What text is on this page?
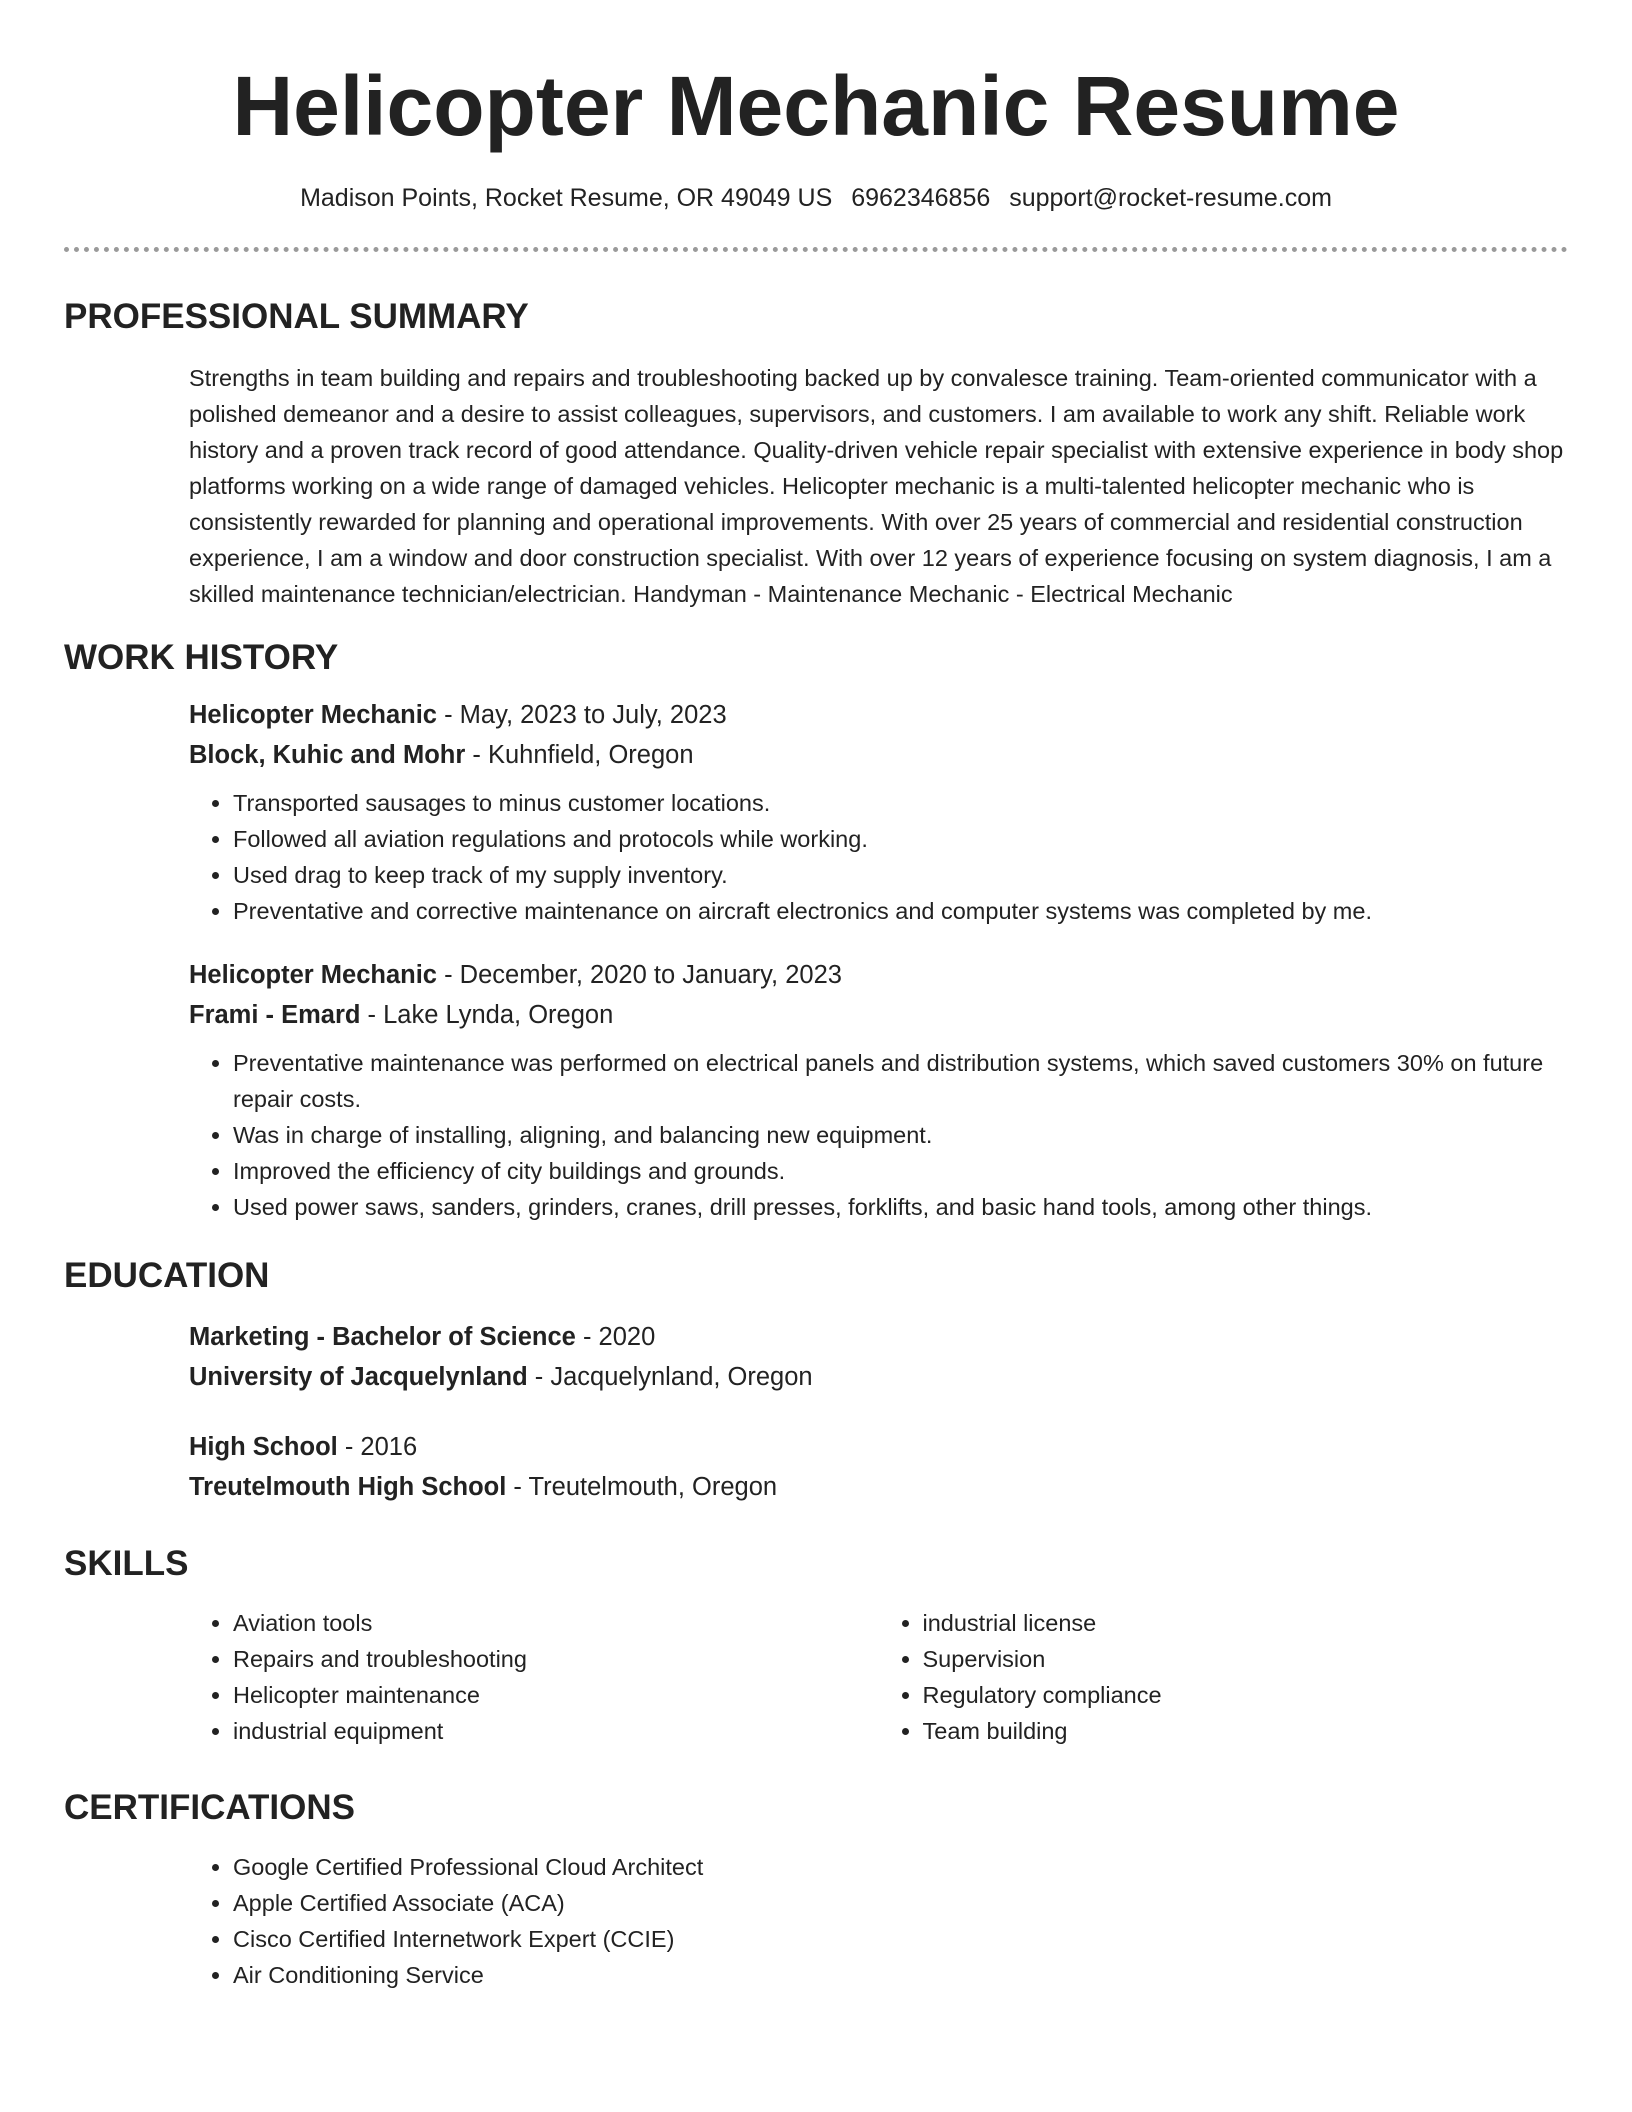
Helicopter Mechanic Resume
Madison Points, Rocket Resume, OR 49049 US 6962346856 support@rocket-resume.com
PROFESSIONAL SUMMARY

Strengths in team building and repairs and troubleshooting backed up by convalesce training. Team-oriented communicator with a polished demeanor and a desire to assist colleagues, supervisors, and customers. I am available to work any shift. Reliable work history and a proven track record of good attendance. Quality-driven vehicle repair specialist with extensive experience in body shop platforms working on a wide range of damaged vehicles. Helicopter mechanic is a multi-talented helicopter mechanic who is consistently rewarded for planning and operational improvements. With over 25 years of commercial and residential construction experience, I am a window and door construction specialist. With over 12 years of experience focusing on system diagnosis, I am a skilled maintenance technician/electrician. Handyman - Maintenance Mechanic - Electrical Mechanic

WORK HISTORY
Helicopter Mechanic - May, 2023 to July, 2023
Block, Kuhic and Mohr - Kuhnfield, Oregon
• Transported sausages to minus customer locations.
• Followed all aviation regulations and protocols while working.
• Used drag to keep track of my supply inventory.
• Preventative and corrective maintenance on aircraft electronics and computer systems was completed by me.
Helicopter Mechanic - December, 2020 to January, 2023
Frami - Emard - Lake Lynda, Oregon
• Preventative maintenance was performed on electrical panels and distribution systems, which saved customers 30% on future repair costs.
• Was in charge of installing, aligning, and balancing new equipment.
• Improved the efficiency of city buildings and grounds.
• Used power saws, sanders, grinders, cranes, drill presses, forklifts, and basic hand tools, among other things.
EDUCATION
Marketing - Bachelor of Science - 2020
University of Jacquelynland - Jacquelynland, Oregon
High School - 2016
Treutelmouth High School - Treutelmouth, Oregon
SKILLS
• Aviation tools
• Repairs and troubleshooting
• Helicopter maintenance
• industrial equipment
• industrial license
• Supervision
• Regulatory compliance
• Team building
CERTIFICATIONS
• Google Certified Professional Cloud Architect
• Apple Certified Associate (ACA)
• Cisco Certified Internetwork Expert (CCIE)
• Air Conditioning Service
